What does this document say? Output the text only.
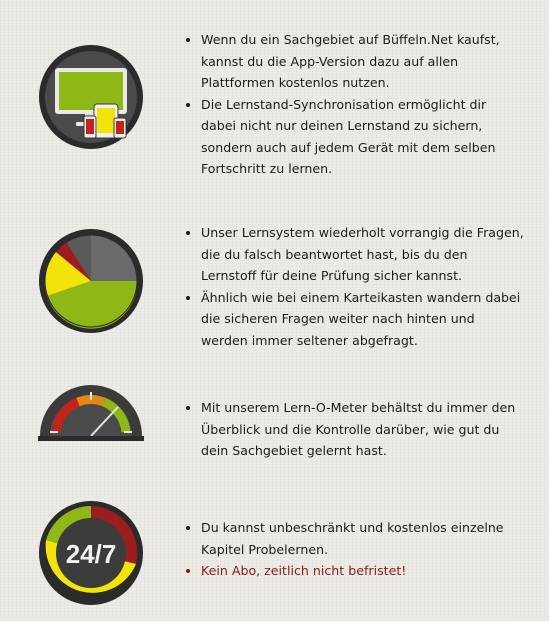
• Wenn du ein Sachgebiet auf Büffeln.Net kaufst, kannst du die App-Version dazu auf allen Plattformen kostenlos nutzen.
• Die Lernstand-Synchronisation ermöglicht dir dabei nicht nur deinen Lernstand zu sichern, sondern auch auf jedem Gerät mit dem selben Fortschritt zu lernen.
• Unser Lernsystem wiederholt vorrangig die Fragen, die du falsch beantwortet hast, bis du den Lernstoff für deine Prüfung sicher kannst.
• Ähnlich wie bei einem Karteikasten wandern dabei die sicheren Fragen weiter nach hinten und werden immer seltener abgefragt.
• Mit unserem Lern-O-Meter behältst du immer den Überblick und die Kontrolle darüber, wie gut du dein Sachgebiet gelernt hast.
24/7
• Du kannst unbeschränkt und kostenlos einzelne Kapitel Probelernen.
• Kein Abo, zeitlich nicht befristet!
